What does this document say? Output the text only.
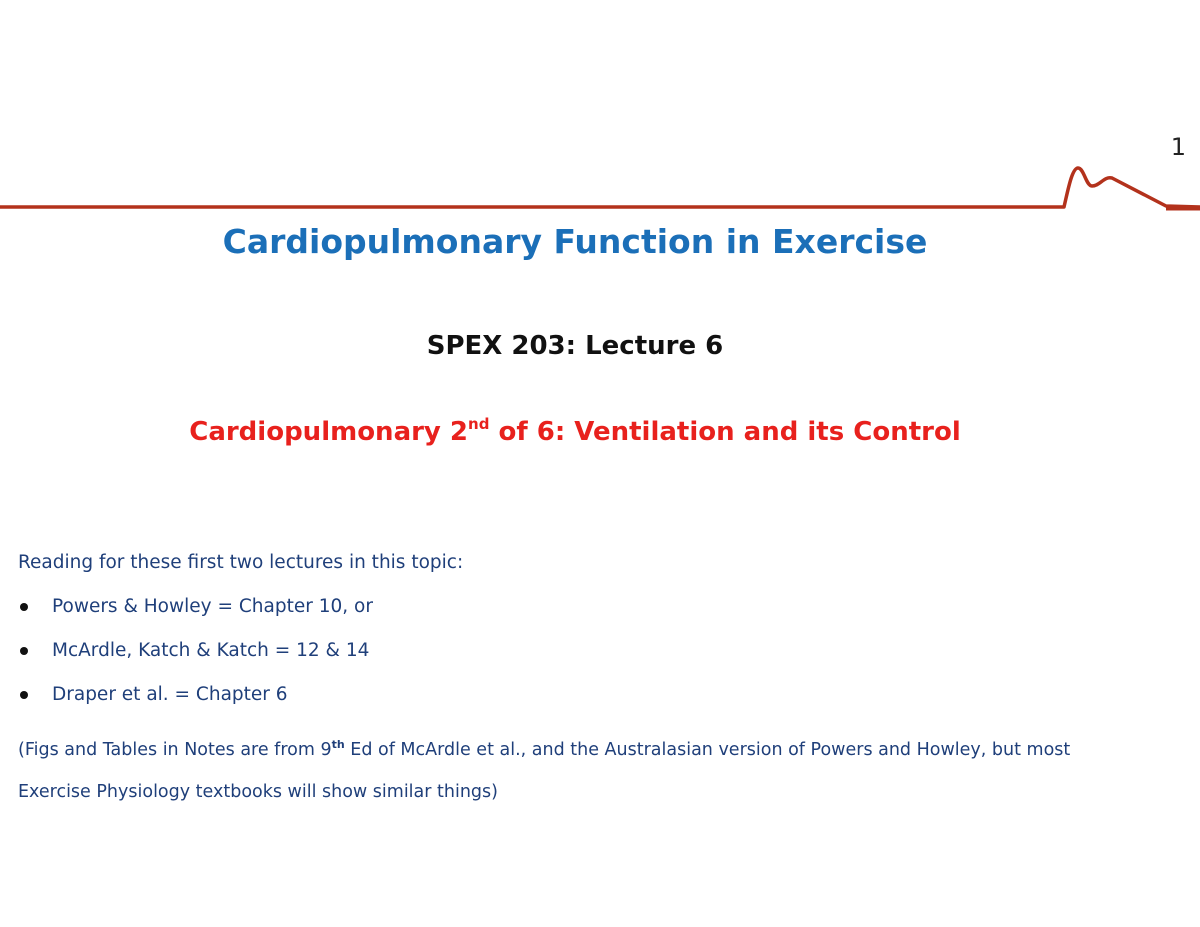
1
Cardiopulmonary Function in Exercise
SPEX 203: Lecture 6
Cardiopulmonary 2nd of 6: Ventilation and its Control

Reading for these first two lectures in this topic:

Powers & Howley = Chapter 10, or
McArdle, Katch & Katch = 12 & 14
Draper et al. = Chapter 6

(Figs and Tables in Notes are from 9th Ed of McArdle et al., and the Australasian version of Powers and Howley, but most
Exercise Physiology textbooks will show similar things)
